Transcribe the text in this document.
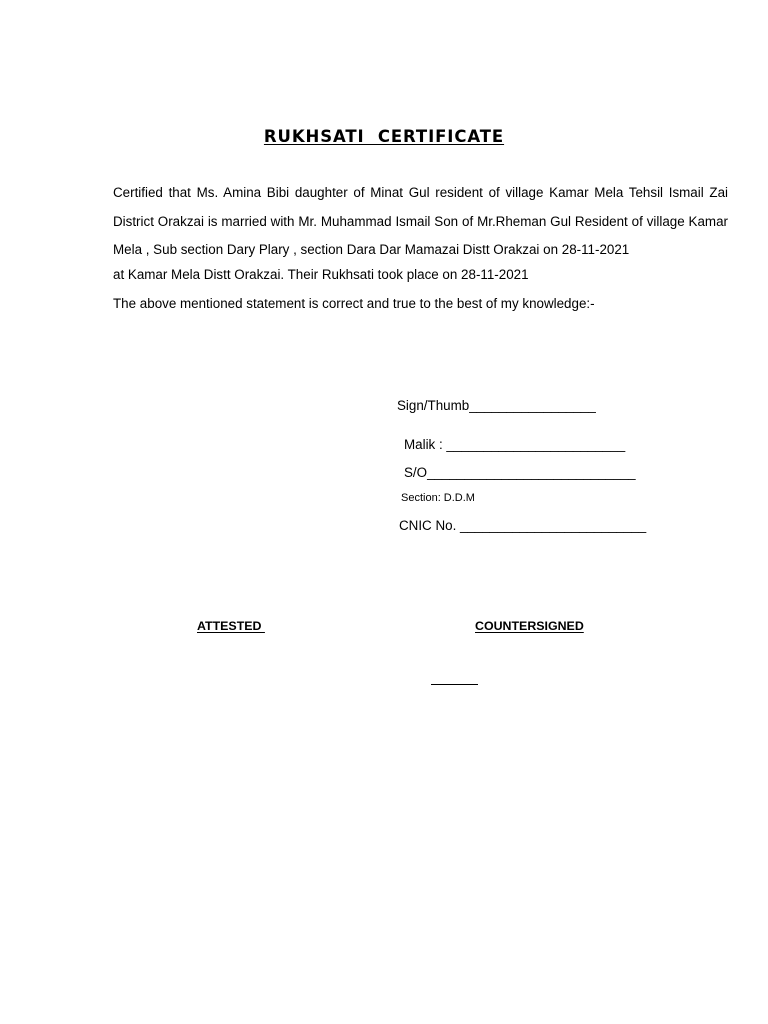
RUKHSATI  CERTIFICATE
Certified that Ms. Amina Bibi daughter of Minat Gul resident of village Kamar Mela Tehsil Ismail Zai District Orakzai is married with Mr. Muhammad Ismail Son of Mr.Rheman Gul Resident of village Kamar Mela , Sub section Dary Plary , section Dara Dar Mamazai Distt Orakzai on 28-11-2021
at Kamar Mela Distt Orakzai. Their Rukhsati took place on 28-11-2021
The above mentioned statement is correct and true to the best of my knowledge:-
Sign/Thumb_________________
Malik : ________________________
S/O____________________________
Section: D.D.M
CNIC No. _________________________
ATTESTED	COUNTERSIGNED
